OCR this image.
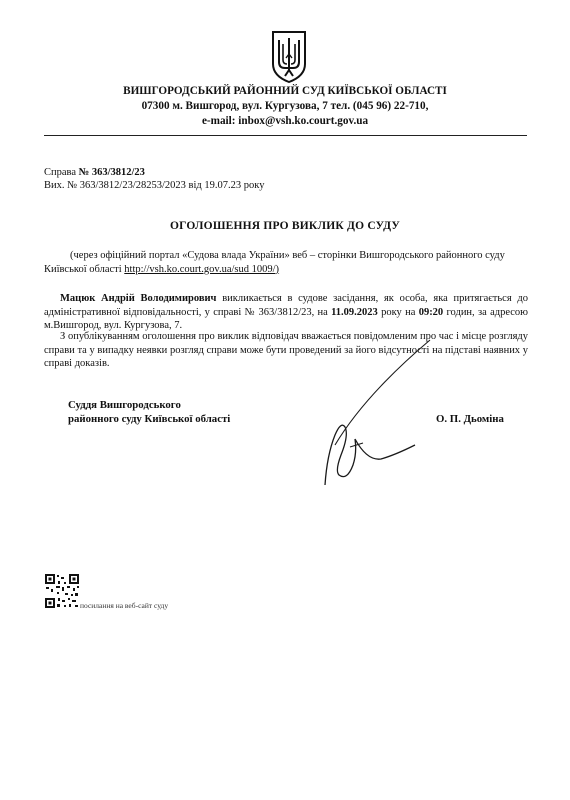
ВИШГОРОДСЬКИЙ РАЙОННИЙ СУД КИЇВСЬКОЇ ОБЛАСТІ
07300 м. Вишгород, вул. Кургузова, 7 тел. (045 96) 22-710,
e-mail: inbox@vsh.ko.court.gov.ua
Справа № 363/3812/23
Вих. № 363/3812/23/28253/2023 від 19.07.23 року
ОГОЛОШЕННЯ ПРО ВИКЛИК ДО СУДУ
(через офіційний портал «Судова влада України» веб – сторінки Вишгородського районного суду Київської області http://vsh.ko.court.gov.ua/sud 1009/)
Мацюк Андрій Володимирович викликається в судове засідання, як особа, яка притягається до адміністративної відповідальності, у справі № 363/3812/23, на 11.09.2023 року на 09:20 годин, за адресою м.Вишгород, вул. Кургузова, 7.
З опублікуванням оголошення про виклик відповідач вважається повідомленим про час і місце розгляду справи та у випадку неявки розгляд справи може бути проведений за його відсутності на підставі наявних у справі доказів.
Суддя Вишгородського
районного суду Київської області	О. П. Дьоміна
посилання на веб-сайт суду
